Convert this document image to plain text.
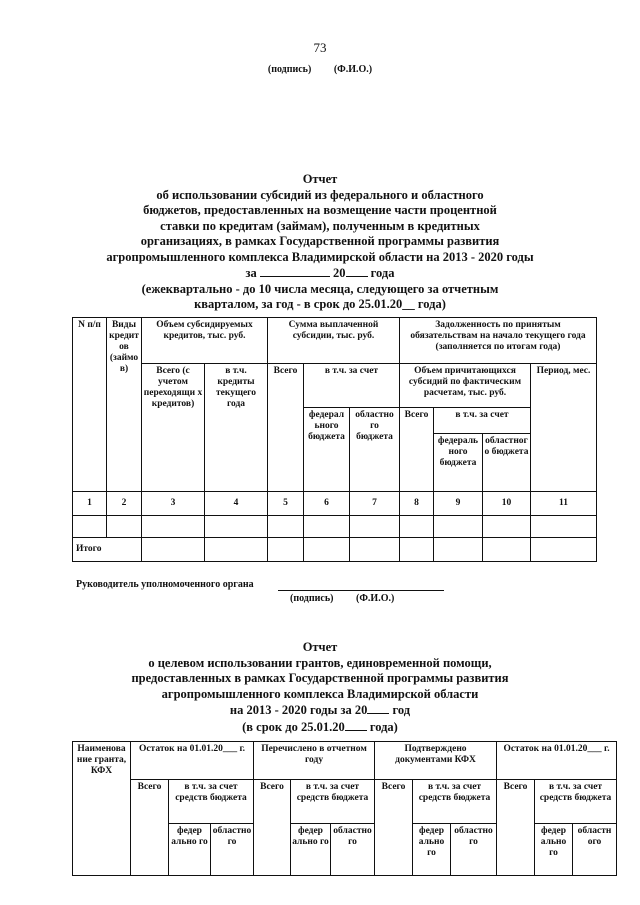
73
(подпись) (Ф.И.О.)
Отчет
об использовании субсидий из федерального и областного
бюджетов, предоставленных на возмещение части процентной
ставки по кредитам (займам), полученным в кредитных
организациях, в рамках Государственной программы развития
агропромышленного комплекса Владимирской области на 2013 - 2020 годы
за	20 года
(ежеквартально - до 10 числа месяца, следующего за отчетным
кварталом, за год - в срок до 25.01.20__ года)
N п/п	Виды кредит ов (займо в)	Объем субсидируемых кредитов, тыс. руб.		Сумма выплаченной субсидии, тыс. руб.			Задолженность по принятым обязательствам на начало текущего года (заполняется по итогам года)			
		Всего (с учетом переходящи х кредитов)	в т.ч. кредиты текущего года	Всего	в т.ч. за счет		Объем причитающихся субсидий по фактическим расчетам, тыс. руб.			Период, мес.
					федерал ьного бюджета	областно го бюджета	Всего	в т.ч. за счет		
								федераль ного бюджета	областног о бюджета	
1	2	3	4	5	6	7	8	9	10	11

Итого										
Руководитель уполномоченного органа
(подпись) (Ф.И.О.)
Отчет
о целевом использовании грантов, единовременной помощи,
предоставленных в рамках Государственной программы развития
агропромышленного комплекса Владимирской области
на 2013 - 2020 годы за 20 год
(в срок до 25.01.20 года)
Наименова ние гранта, КФХ	Остаток на 01.01.20___ г.			Перечислено в отчетном году			Подтверждено документами КФХ			Остаток на 01.01.20___ г.		
	Всего	в т.ч. за счет средств бюджета		Всего	в т.ч. за счет средств бюджета		Всего	в т.ч. за счет средств бюджета		Всего	в т.ч. за счет средств бюджета	
		федер ально го	областно го		федер ально го	областно го		федер ально го	областно го		федер ально го	областн ого
